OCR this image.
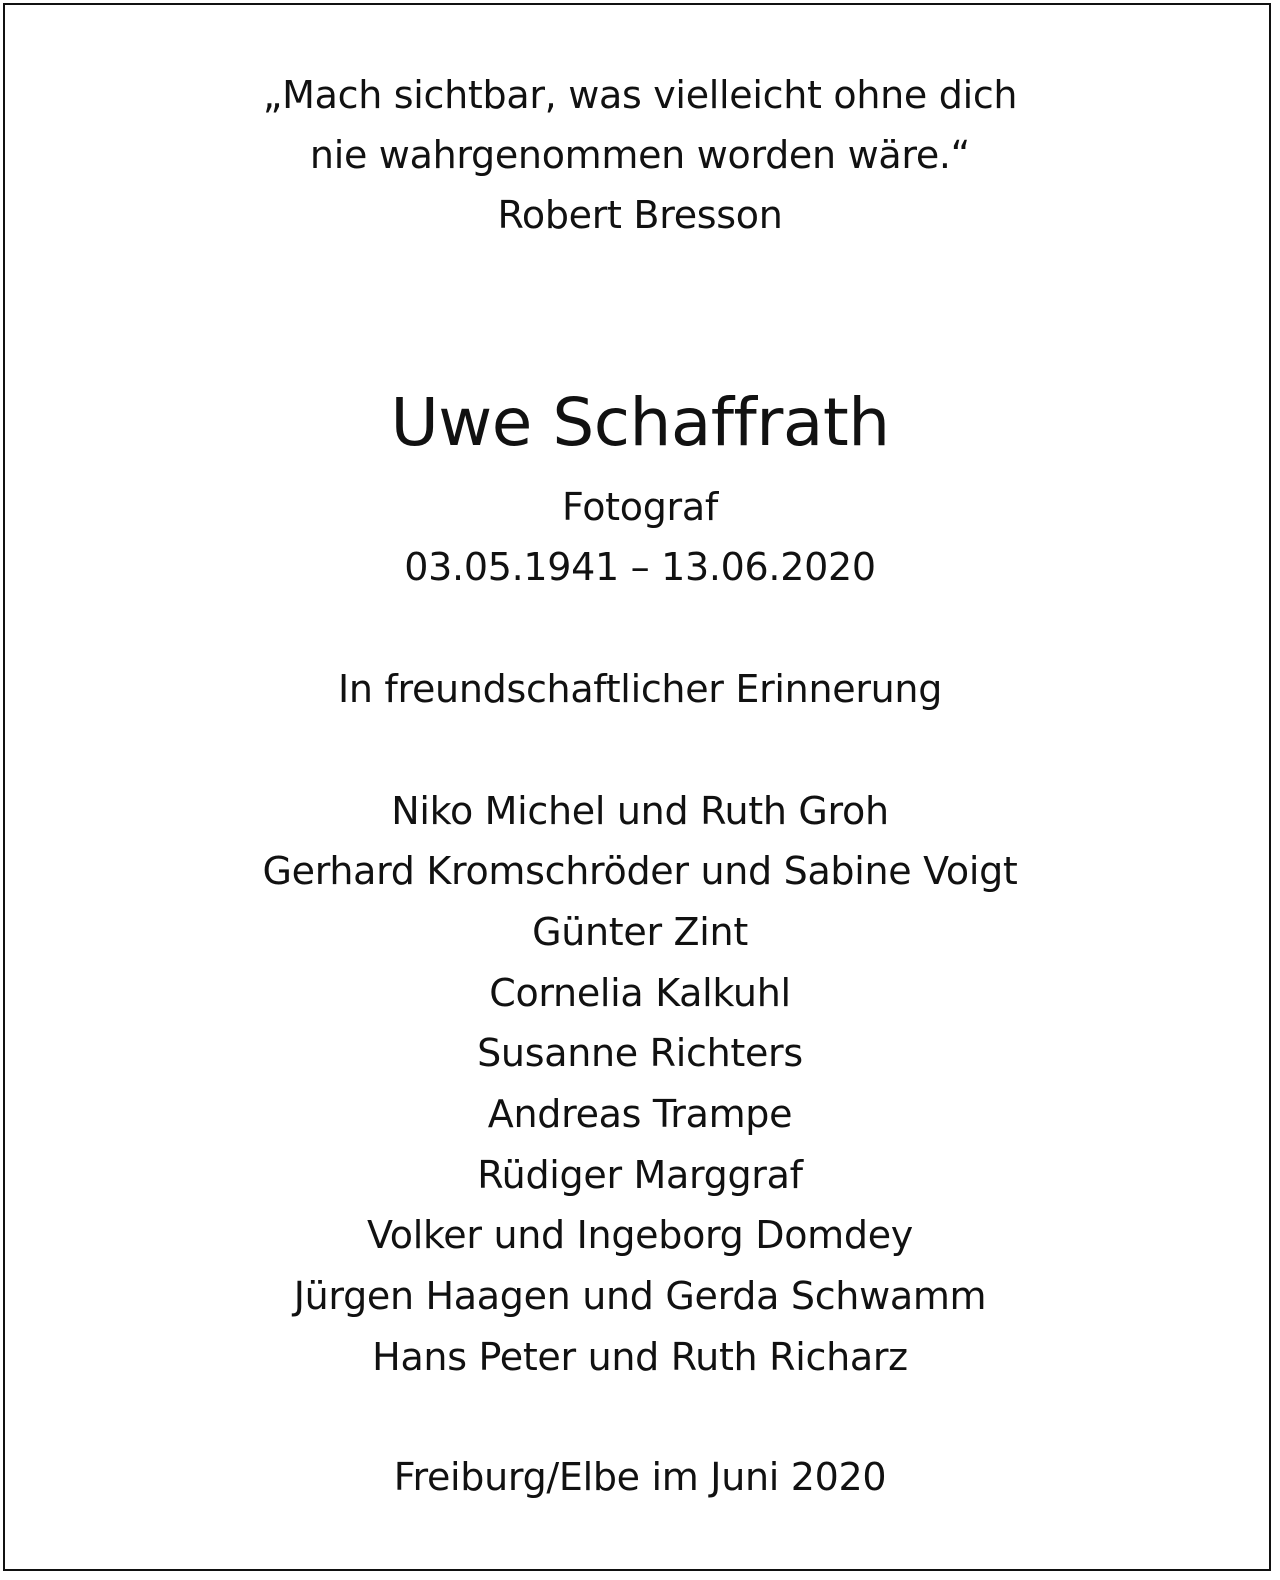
„Mach sichtbar, was vielleicht ohne dich
nie wahrgenommen worden wäre.“
Robert Bresson
Uwe Schaffrath
Fotograf
03.05.1941 – 13.06.2020
In freundschaftlicher Erinnerung
Niko Michel und Ruth Groh
Gerhard Kromschröder und Sabine Voigt
Günter Zint
Cornelia Kalkuhl
Susanne Richters
Andreas Trampe
Rüdiger Marggraf
Volker und Ingeborg Domdey
Jürgen Haagen und Gerda Schwamm
Hans Peter und Ruth Richarz
Freiburg/Elbe im Juni 2020
